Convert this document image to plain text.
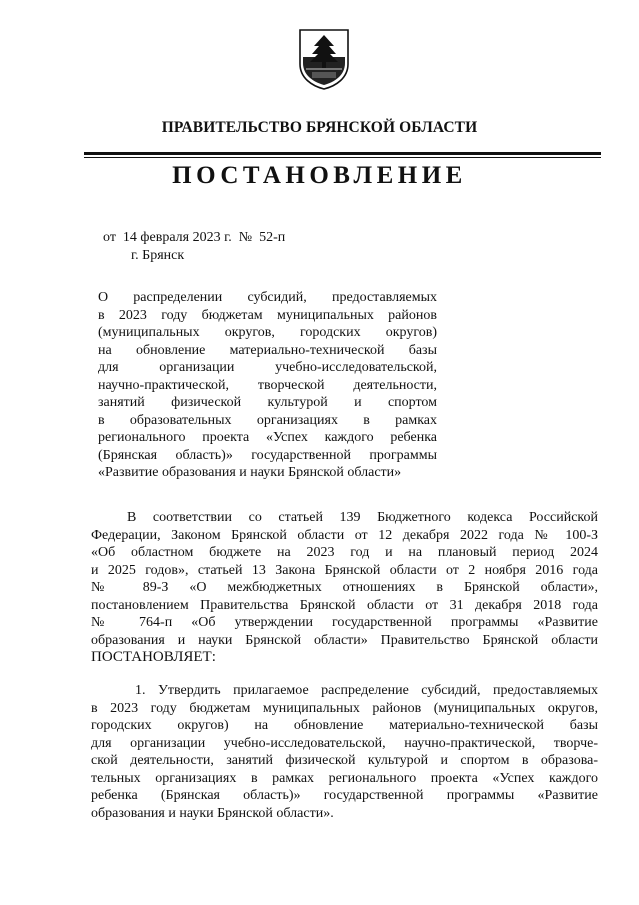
ПРАВИТЕЛЬСТВО БРЯНСКОЙ ОБЛАСТИ
ПОСТАНОВЛЕНИЕ
от  14 февраля 2023 г.  №  52-п
г. Брянск
О распределении субсидий, предоставляемых
в 2023 году бюджетам муниципальных районов
(муниципальных округов, городских округов)
на обновление материально-технической базы
для организации учебно-исследовательской,
научно-практической, творческой деятельности,
занятий физической культурой и спортом
в образовательных организациях в рамках
регионального проекта «Успех каждого ребенка
(Брянская область)» государственной программы
«Развитие образования и науки Брянской области»
В соответствии со статьей 139 Бюджетного кодекса Российской
Федерации, Законом Брянской области от 12 декабря 2022 года № 100-З
«Об областном бюджете на 2023 год и на плановый период 2024
и 2025 годов», статьей 13 Закона Брянской области от 2 ноября 2016 года
№ 89-З «О межбюджетных отношениях в Брянской области»,
постановлением Правительства Брянской области от 31 декабря 2018 года
№ 764-п «Об утверждении государственной программы «Развитие
образования и науки Брянской области» Правительство Брянской области
ПОСТАНОВЛЯЕТ:
1. Утвердить прилагаемое распределение субсидий, предоставляемых
в 2023 году бюджетам муниципальных районов (муниципальных округов,
городских округов) на обновление материально-технической базы
для организации учебно-исследовательской, научно-практической, творче-
ской деятельности, занятий физической культурой и спортом в образова-
тельных организациях в рамках регионального проекта «Успех каждого
ребенка (Брянская область)» государственной программы «Развитие
образования и науки Брянской области».
